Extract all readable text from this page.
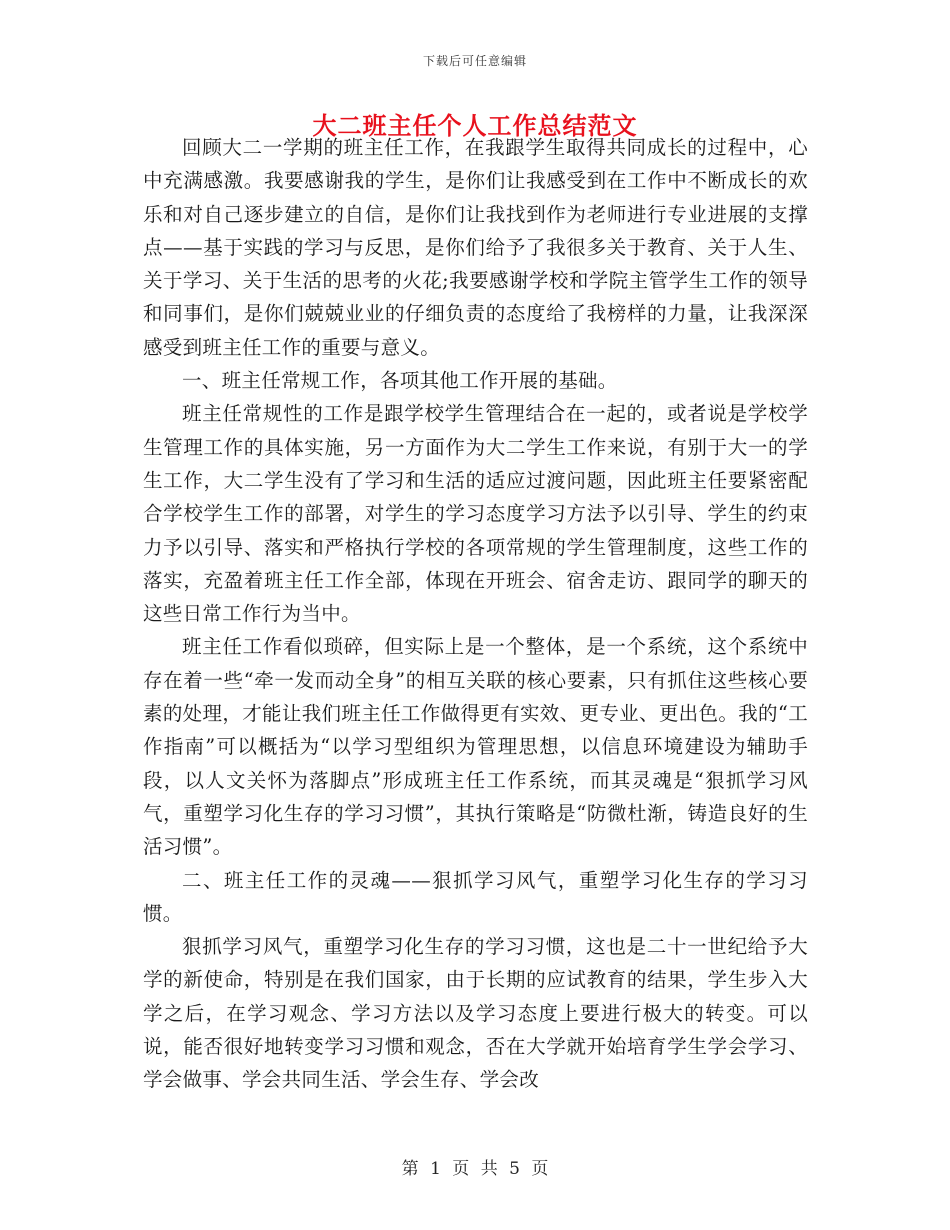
下载后可任意编辑
大二班主任个人工作总结范文

回顾大二一学期的班主任工作，在我跟学生取得共同成长的过程中，心中充满感激。我要感谢我的学生，是你们让我感受到在工作中不断成长的欢乐和对自己逐步建立的自信，是你们让我找到作为老师进行专业进展的支撑点——基于实践的学习与反思，是你们给予了我很多关于教育、关于人生、关于学习、关于生活的思考的火花;我要感谢学校和学院主管学生工作的领导和同事们，是你们兢兢业业的仔细负责的态度给了我榜样的力量，让我深深感受到班主任工作的重要与意义。

一、班主任常规工作，各项其他工作开展的基础。

班主任常规性的工作是跟学校学生管理结合在一起的，或者说是学校学生管理工作的具体实施，另一方面作为大二学生工作来说，有别于大一的学生工作，大二学生没有了学习和生活的适应过渡问题，因此班主任要紧密配合学校学生工作的部署，对学生的学习态度学习方法予以引导、学生的约束力予以引导、落实和严格执行学校的各项常规的学生管理制度，这些工作的落实，充盈着班主任工作全部，体现在开班会、宿舍走访、跟同学的聊天的这些日常工作行为当中。

班主任工作看似琐碎，但实际上是一个整体，是一个系统，这个系统中存在着一些“牵一发而动全身”的相互关联的核心要素，只有抓住这些核心要素的处理，才能让我们班主任工作做得更有实效、更专业、更出色。我的“工作指南”可以概括为“以学习型组织为管理思想，以信息环境建设为辅助手段，以人文关怀为落脚点”形成班主任工作系统，而其灵魂是“狠抓学习风气，重塑学习化生存的学习习惯”，其执行策略是“防微杜渐，铸造良好的生活习惯”。

二、班主任工作的灵魂——狠抓学习风气，重塑学习化生存的学习习惯。

狠抓学习风气，重塑学习化生存的学习习惯，这也是二十一世纪给予大学的新使命，特别是在我们国家，由于长期的应试教育的结果，学生步入大学之后，在学习观念、学习方法以及学习态度上要进行极大的转变。可以说，能否很好地转变学习习惯和观念，否在大学就开始培育学生学会学习、学会做事、学会共同生活、学会生存、学会改

第 1 页 共 5 页
